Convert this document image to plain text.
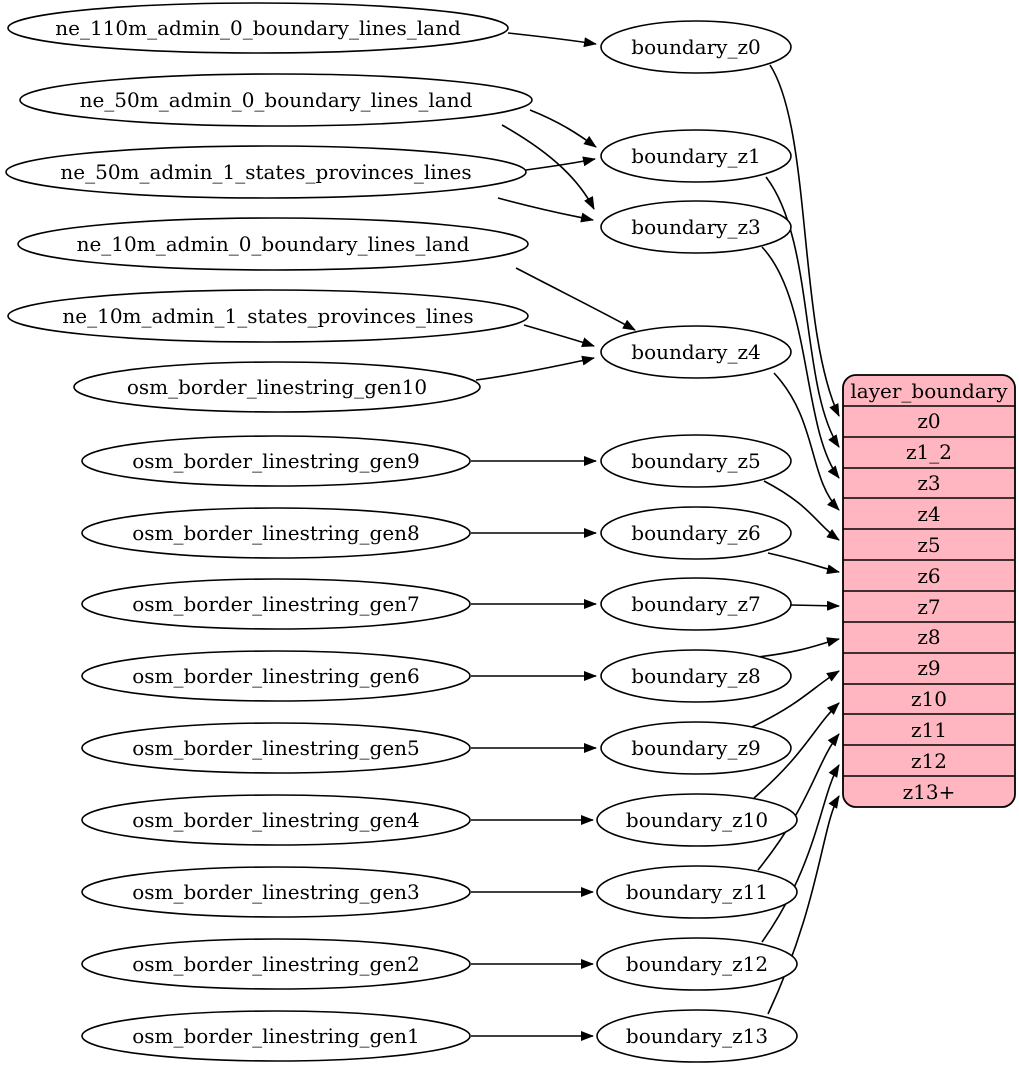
ne_110m_admin_0_boundary_lines_land
ne_50m_admin_0_boundary_lines_land
ne_50m_admin_1_states_provinces_lines
ne_10m_admin_0_boundary_lines_land
ne_10m_admin_1_states_provinces_lines
osm_border_linestring_gen10
osm_border_linestring_gen9
osm_border_linestring_gen8
osm_border_linestring_gen7
osm_border_linestring_gen6
osm_border_linestring_gen5
osm_border_linestring_gen4
osm_border_linestring_gen3
osm_border_linestring_gen2
osm_border_linestring_gen1
boundary_z0
boundary_z1
boundary_z3
boundary_z4
boundary_z5
boundary_z6
boundary_z7
boundary_z8
boundary_z9
boundary_z10
boundary_z11
boundary_z12
boundary_z13
layer_boundary
z0
z1_2
z3
z4
z5
z6
z7
z8
z9
z10
z11
z12
z13+
